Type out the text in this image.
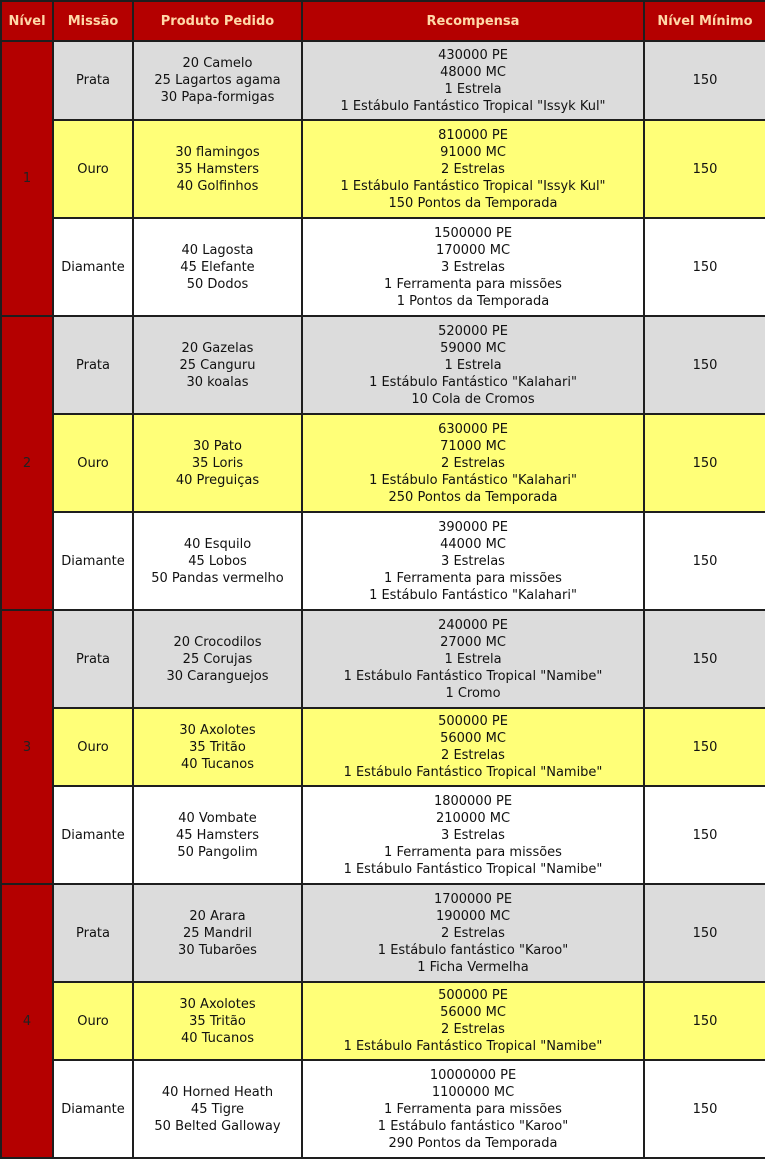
Nível	Missão	Produto Pedido	Recompensa	Nível Mínimo
1	Prata	20 Camelo
25 Lagartos agama
30 Papa-formigas	430000 PE
48000 MC
1 Estrela
1 Estábulo Fantástico Tropical "Issyk Kul"	150
	Ouro	30 flamingos
35 Hamsters
40 Golfinhos	810000 PE
91000 MC
2 Estrelas
1 Estábulo Fantástico Tropical "Issyk Kul"
150 Pontos da Temporada	150
	Diamante	40 Lagosta
45 Elefante
50 Dodos	1500000 PE
170000 MC
3 Estrelas
1 Ferramenta para missões
1 Pontos da Temporada	150
2	Prata	20 Gazelas
25 Canguru
30 koalas	520000 PE
59000 MC
1 Estrela
1 Estábulo Fantástico "Kalahari"
10 Cola de Cromos	150
	Ouro	30 Pato
35 Loris
40 Preguiças	630000 PE
71000 MC
2 Estrelas
1 Estábulo Fantástico "Kalahari"
250 Pontos da Temporada	150
	Diamante	40 Esquilo
45 Lobos
50 Pandas vermelho	390000 PE
44000 MC
3 Estrelas
1 Ferramenta para missões
1 Estábulo Fantástico "Kalahari"	150
3	Prata	20 Crocodilos
25 Corujas
30 Caranguejos	240000 PE
27000 MC
1 Estrela
1 Estábulo Fantástico Tropical "Namibe"
1 Cromo	150
	Ouro	30 Axolotes
35 Tritão
40 Tucanos	500000 PE
56000 MC
2 Estrelas
1 Estábulo Fantástico Tropical "Namibe"	150
	Diamante	40 Vombate
45 Hamsters
50 Pangolim	1800000 PE
210000 MC
3 Estrelas
1 Ferramenta para missões
1 Estábulo Fantástico Tropical "Namibe"	150
4	Prata	20 Arara
25 Mandril
30 Tubarões	1700000 PE
190000 MC
2 Estrelas
1 Estábulo fantástico "Karoo"
1 Ficha Vermelha	150
	Ouro	30 Axolotes
35 Tritão
40 Tucanos	500000 PE
56000 MC
2 Estrelas
1 Estábulo Fantástico Tropical "Namibe"	150
	Diamante	40 Horned Heath
45 Tigre
50 Belted Galloway	10000000 PE
1100000 MC
1 Ferramenta para missões
1 Estábulo fantástico "Karoo"
290 Pontos da Temporada	150
